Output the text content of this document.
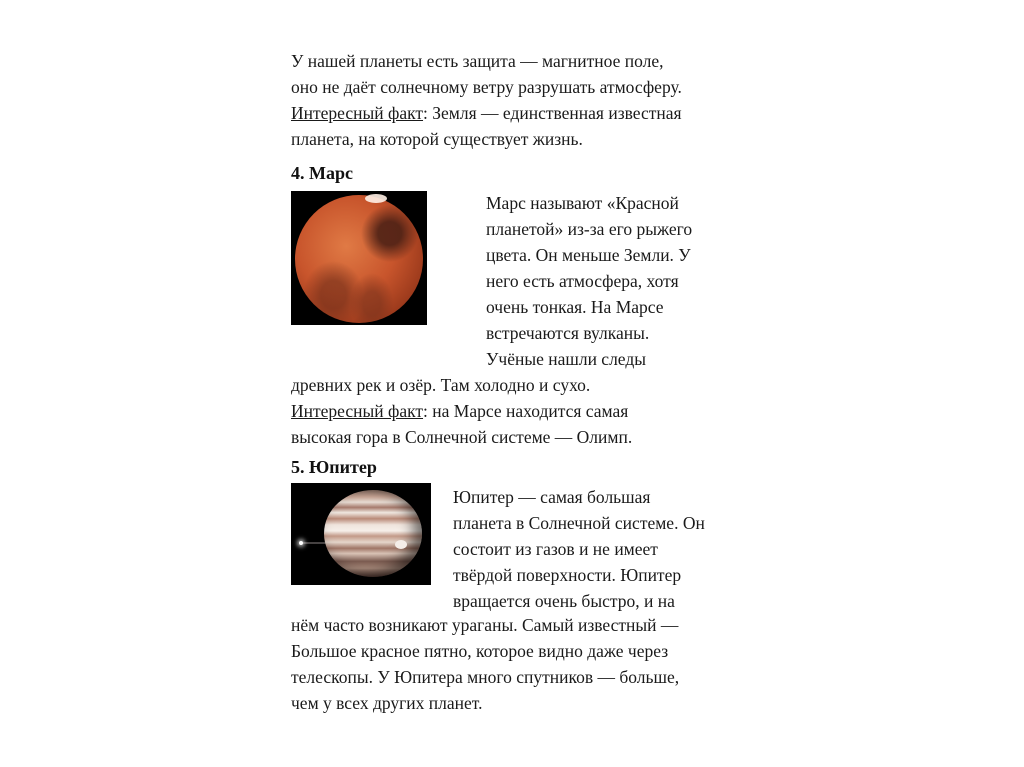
У нашей планеты есть защита — магнитное поле,
оно не даёт солнечному ветру разрушать атмосферу.
Интересный факт: Земля — единственная известная
планета, на которой существует жизнь.
4. Марс
Марс называют «Красной
планетой» из-за его рыжего
цвета. Он меньше Земли. У
него есть атмосфера, хотя
очень тонкая. На Марсе
встречаются вулканы.
Учёные нашли следы
древних рек и озёр. Там холодно и сухо.
Интересный факт: на Марсе находится самая
высокая гора в Солнечной системе — Олимп.
5. Юпитер
Юпитер — самая большая
планета в Солнечной системе. Он
состоит из газов и не имеет
твёрдой поверхности. Юпитер
вращается очень быстро, и на
нём часто возникают ураганы. Самый известный —
Большое красное пятно, которое видно даже через
телескопы. У Юпитера много спутников — больше,
чем у всех других планет.
